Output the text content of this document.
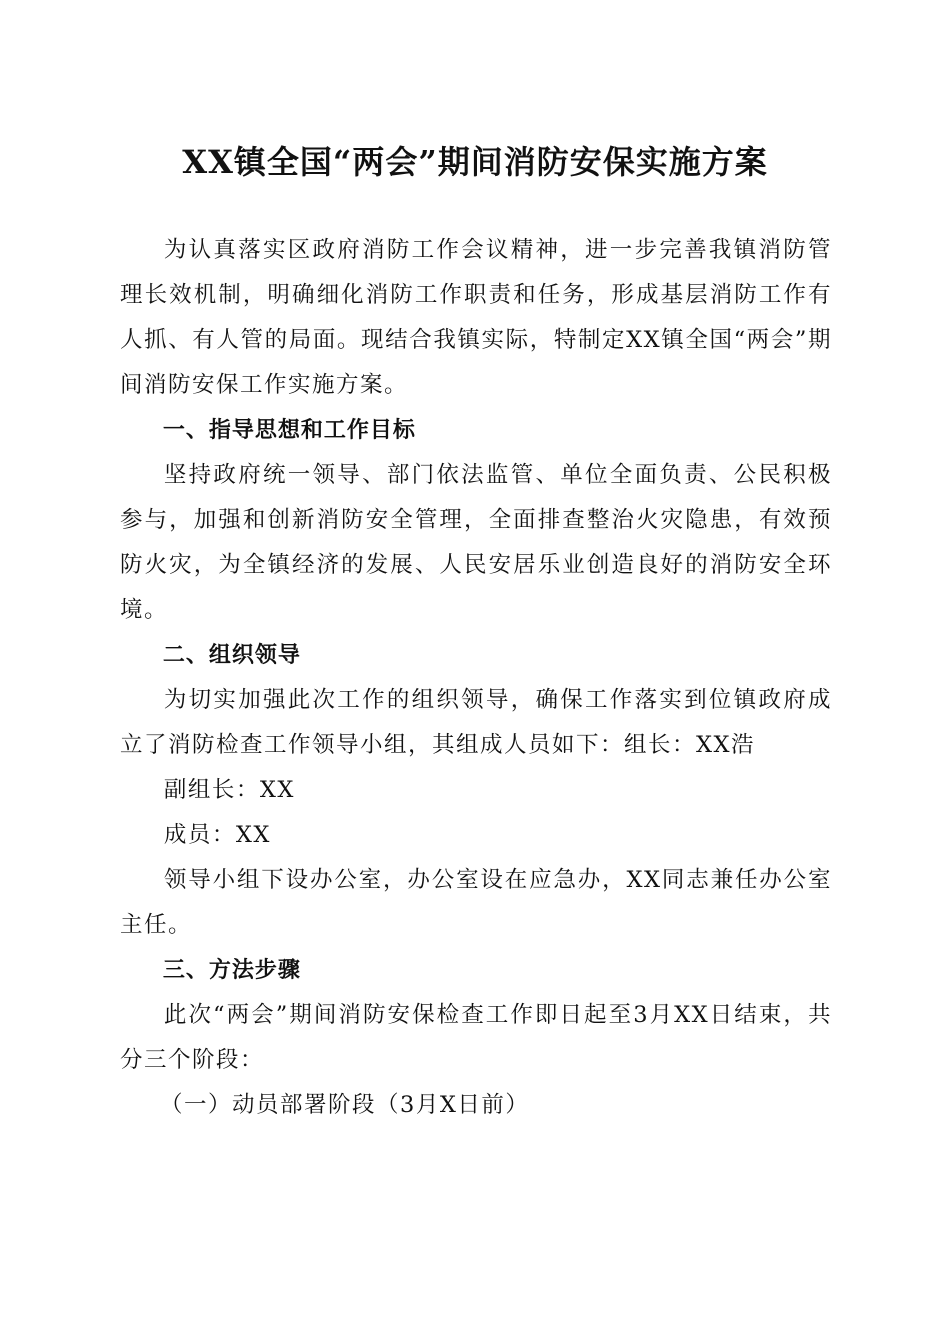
XX镇全国“两会”期间消防安保实施方案

为认真落实区政府消防工作会议精神，进一步完善我镇消防管理长效机制，明确细化消防工作职责和任务，形成基层消防工作有人抓、有人管的局面。现结合我镇实际，特制定XX镇全国“两会”期间消防安保工作实施方案。

一、指导思想和工作目标

坚持政府统一领导、部门依法监管、单位全面负责、公民积极参与，加强和创新消防安全管理，全面排查整治火灾隐患，有效预防火灾，为全镇经济的发展、人民安居乐业创造良好的消防安全环境。

二、组织领导

为切实加强此次工作的组织领导，确保工作落实到位镇政府成立了消防检查工作领导小组，其组成人员如下：组长：XX浩

副组长：XX

成员：XX

领导小组下设办公室，办公室设在应急办，XX同志兼任办公室主任。

三、方法步骤

此次“两会”期间消防安保检查工作即日起至3月XX日结束，共分三个阶段：

（一）动员部署阶段（3月X日前）
